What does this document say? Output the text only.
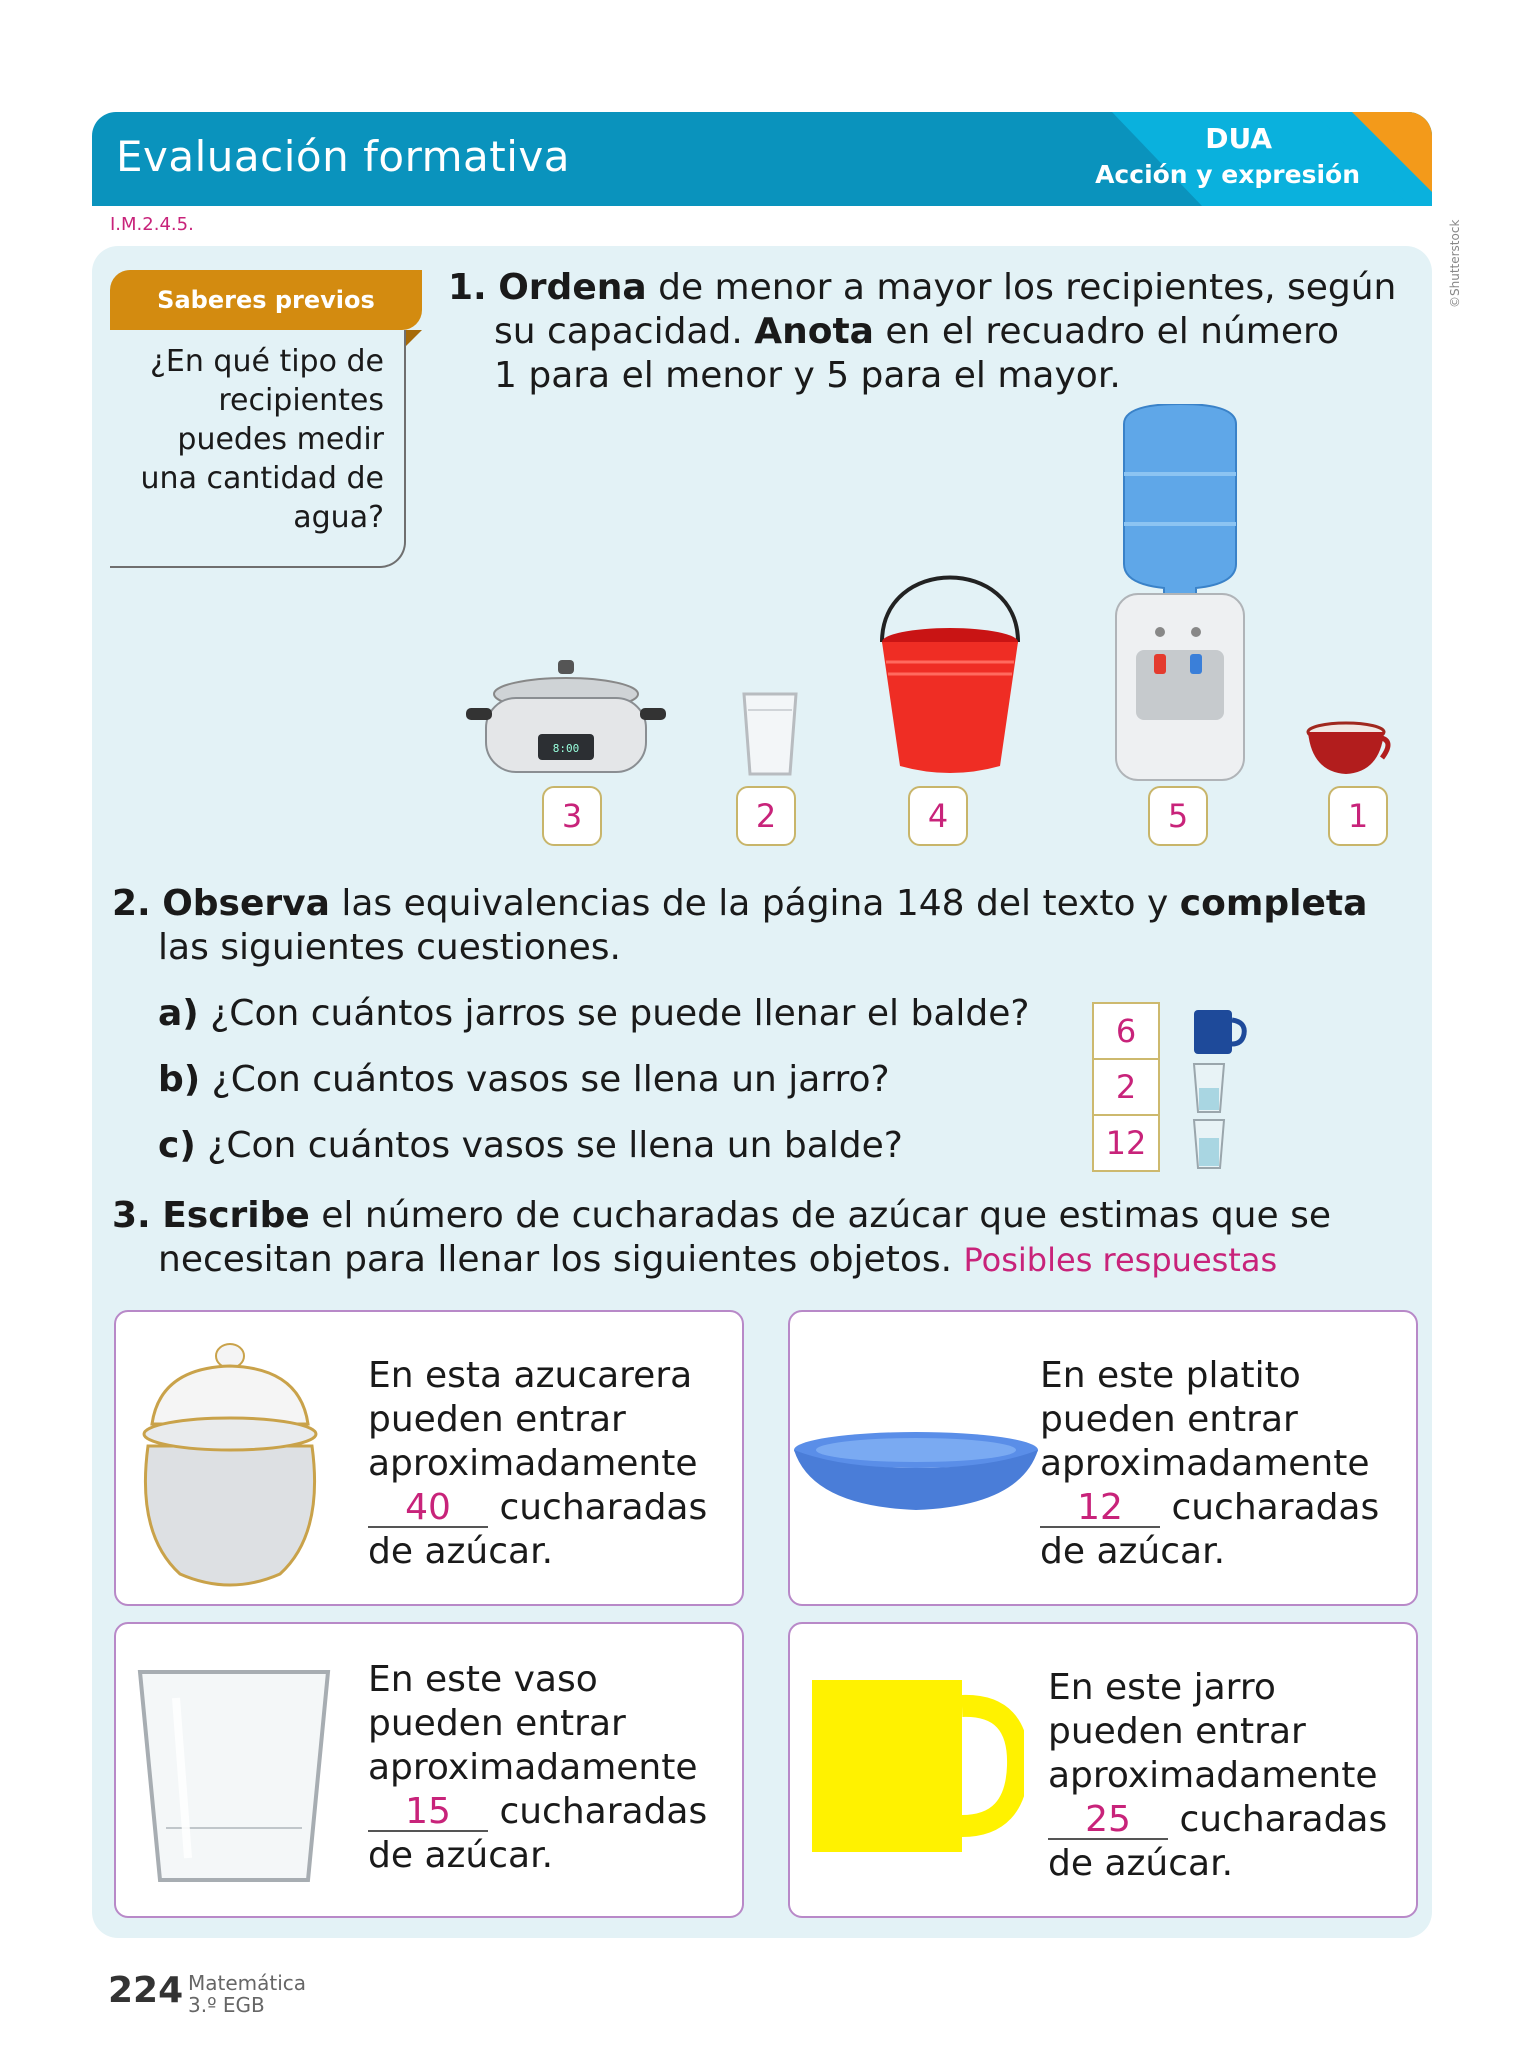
Evaluación formativa	DUA
Acción y expresión
I.M.2.4.5.	©Shutterstock
Saberes previos
¿En qué tipo de
recipientes
puedes medir
una cantidad de
agua?
1. Ordena de menor a mayor los recipientes, según
su capacidad. Anota en el recuadro el número
1 para el menor y 5 para el mayor.
8:00
3	2	4	5	1
2. Observa las equivalencias de la página 148 del texto y completa
las siguientes cuestiones.
a) ¿Con cuántos jarros se puede llenar el balde?
b) ¿Con cuántos vasos se llena un jarro?
c) ¿Con cuántos vasos se llena un balde?
6
2
12
3. Escribe el número de cucharadas de azúcar que estimas que se
necesitan para llenar los siguientes objetos. Posibles respuestas
En esta azucarera
pueden entrar
aproximadamente
40 cucharadas
de azúcar.
En este platito
pueden entrar
aproximadamente
12 cucharadas
de azúcar.
En este vaso
pueden entrar
aproximadamente
15 cucharadas
de azúcar.
En este jarro
pueden entrar
aproximadamente
25 cucharadas
de azúcar.
224 Matemática
3.º EGB
